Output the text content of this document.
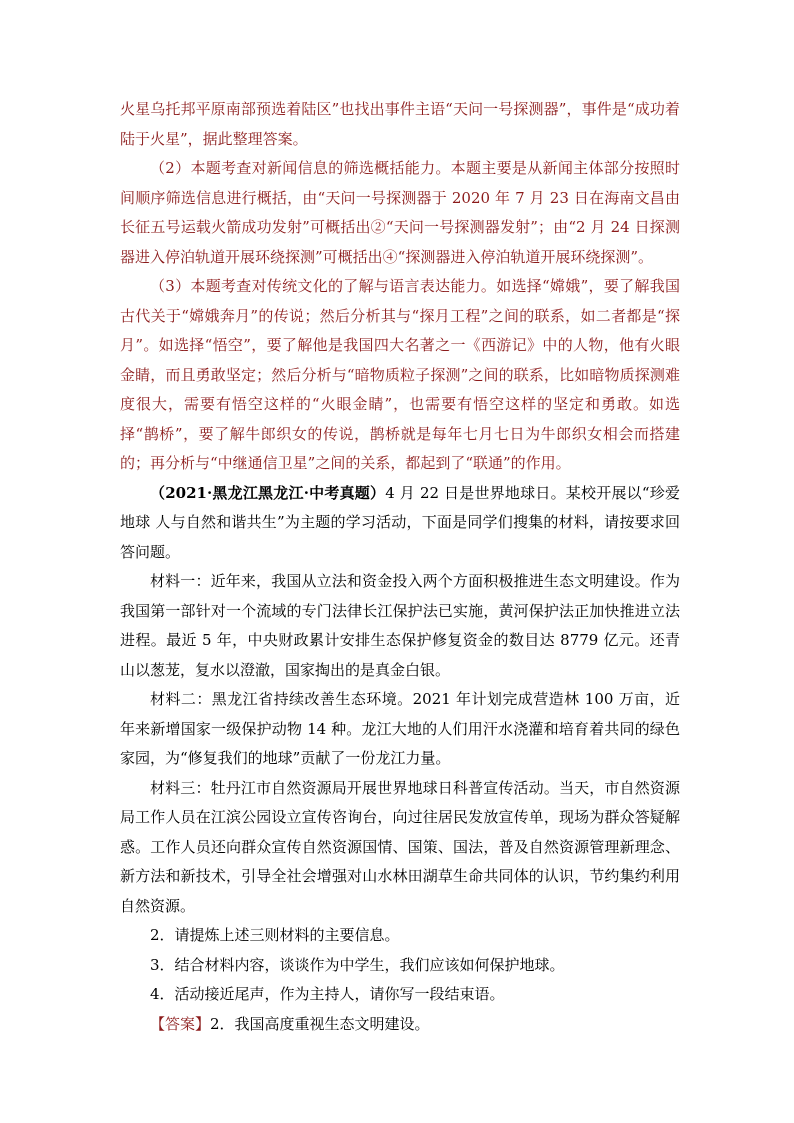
火星乌托邦平原南部预选着陆区”也找出事件主语“天问一号探测器”，事件是“成功着陆于火星”，据此整理答案。

（2）本题考查对新闻信息的筛选概括能力。本题主要是从新闻主体部分按照时间顺序筛选信息进行概括，由“天问一号探测器于 2020 年 7 月 23 日在海南文昌由长征五号运载火箭成功发射”可概括出②“天问一号探测器发射”；由“2 月 24 日探测器进入停泊轨道开展环绕探测”可概括出④“探测器进入停泊轨道开展环绕探测”。

（3）本题考查对传统文化的了解与语言表达能力。如选择“嫦娥”，要了解我国古代关于“嫦娥奔月”的传说；然后分析其与“探月工程”之间的联系，如二者都是“探月”。如选择“悟空”，要了解他是我国四大名著之一《西游记》中的人物，他有火眼金睛，而且勇敢坚定；然后分析与“暗物质粒子探测”之间的联系，比如暗物质探测难度很大，需要有悟空这样的“火眼金睛”，也需要有悟空这样的坚定和勇敢。如选择“鹊桥”，要了解牛郎织女的传说，鹊桥就是每年七月七日为牛郎织女相会而搭建的；再分析与“中继通信卫星”之间的关系，都起到了“联通”的作用。

（2021·黑龙江黑龙江·中考真题）4 月 22 日是世界地球日。某校开展以“珍爱地球 人与自然和谐共生”为主题的学习活动，下面是同学们搜集的材料，请按要求回答问题。

材料一：近年来，我国从立法和资金投入两个方面积极推进生态文明建设。作为我国第一部针对一个流域的专门法律长江保护法已实施，黄河保护法正加快推进立法进程。最近 5 年，中央财政累计安排生态保护修复资金的数目达 8779 亿元。还青山以葱茏，复水以澄澈，国家掏出的是真金白银。

材料二：黑龙江省持续改善生态环境。2021 年计划完成营造林 100 万亩，近年来新增国家一级保护动物 14 种。龙江大地的人们用汗水浇灌和培育着共同的绿色家园，为“修复我们的地球”贡献了一份龙江力量。

材料三：牡丹江市自然资源局开展世界地球日科普宣传活动。当天，市自然资源局工作人员在江滨公园设立宣传咨询台，向过往居民发放宣传单，现场为群众答疑解惑。工作人员还向群众宣传自然资源国情、国策、国法，普及自然资源管理新理念、新方法和新技术，引导全社会增强对山水林田湖草生命共同体的认识，节约集约利用自然资源。

2．请提炼上述三则材料的主要信息。

3．结合材料内容，谈谈作为中学生，我们应该如何保护地球。

4．活动接近尾声，作为主持人，请你写一段结束语。

【答案】2．我国高度重视生态文明建设。
